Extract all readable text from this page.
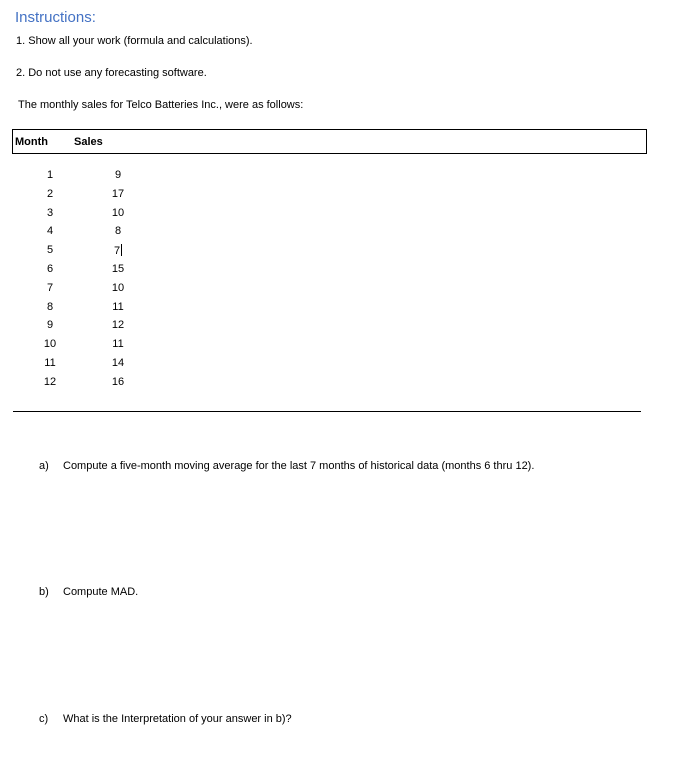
Instructions:
1. Show all your work (formula and calculations).
2. Do not use any forecasting software.
The monthly sales for Telco Batteries Inc., were as follows:
Month Sales
1	9
2	17
3	10
4	8
5	7
6	15
7	10
8	11
9	12
10	11
11	14
12	16
a) Compute a five-month moving average for the last 7 months of historical data (months 6 thru 12).
b) Compute MAD.
c) What is the Interpretation of your answer in b)?
